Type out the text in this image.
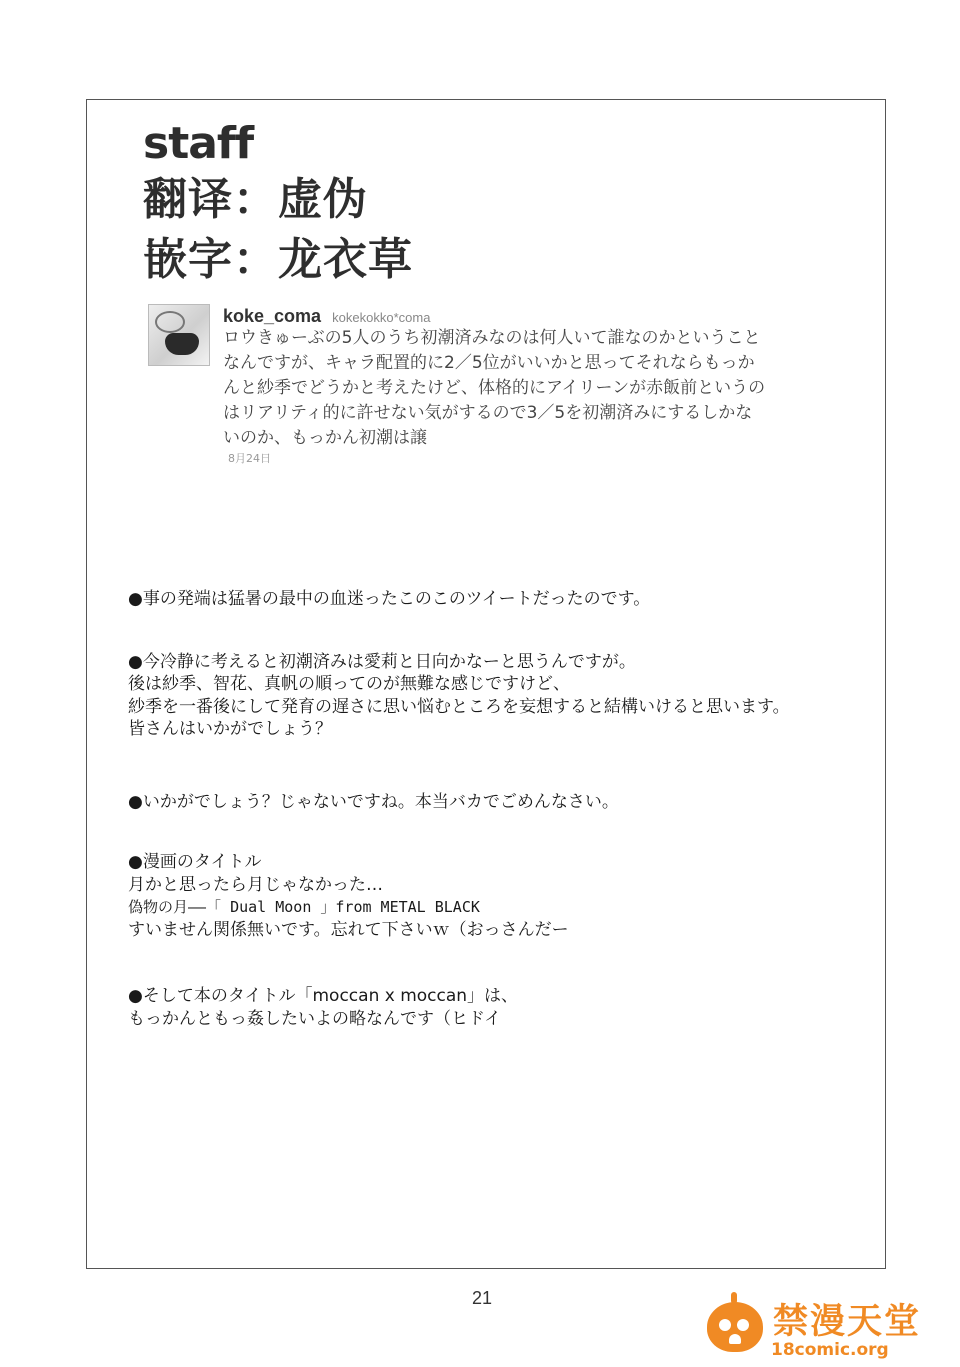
staff
翻译：虚伪
嵌字：龙衣草
koke_coma kokekokko*coma
ロウきゅーぶの5人のうち初潮済みなのは何人いて誰なのかということ
なんですが、キャラ配置的に2／5位がいいかと思ってそれならもっか
んと紗季でどうかと考えたけど、体格的にアイリーンが赤飯前というの
はリアリティ的に許せない気がするので3／5を初潮済みにするしかな
いのか、もっかん初潮は譲
8月24日
●事の発端は猛暑の最中の血迷ったこのこのツイートだったのです。
●今冷静に考えると初潮済みは愛莉と日向かなーと思うんですが。
後は紗季、智花、真帆の順ってのが無難な感じですけど、
紗季を一番後にして発育の遅さに思い悩むところを妄想すると結構いけると思います。
皆さんはいかがでしょう？
●いかがでしょう？じゃないですね。本当バカでごめんなさい。
●漫画のタイトル
月かと思ったら月じゃなかった…
偽物の月――「 Dual Moon 」from METAL BLACK
すいません関係無いです。忘れて下さいｗ（おっさんだー
●そして本のタイトル「moccan x moccan」は、
もっかんともっ姦したいよの略なんです（ヒドイ
21
禁漫天堂
18comic.org
